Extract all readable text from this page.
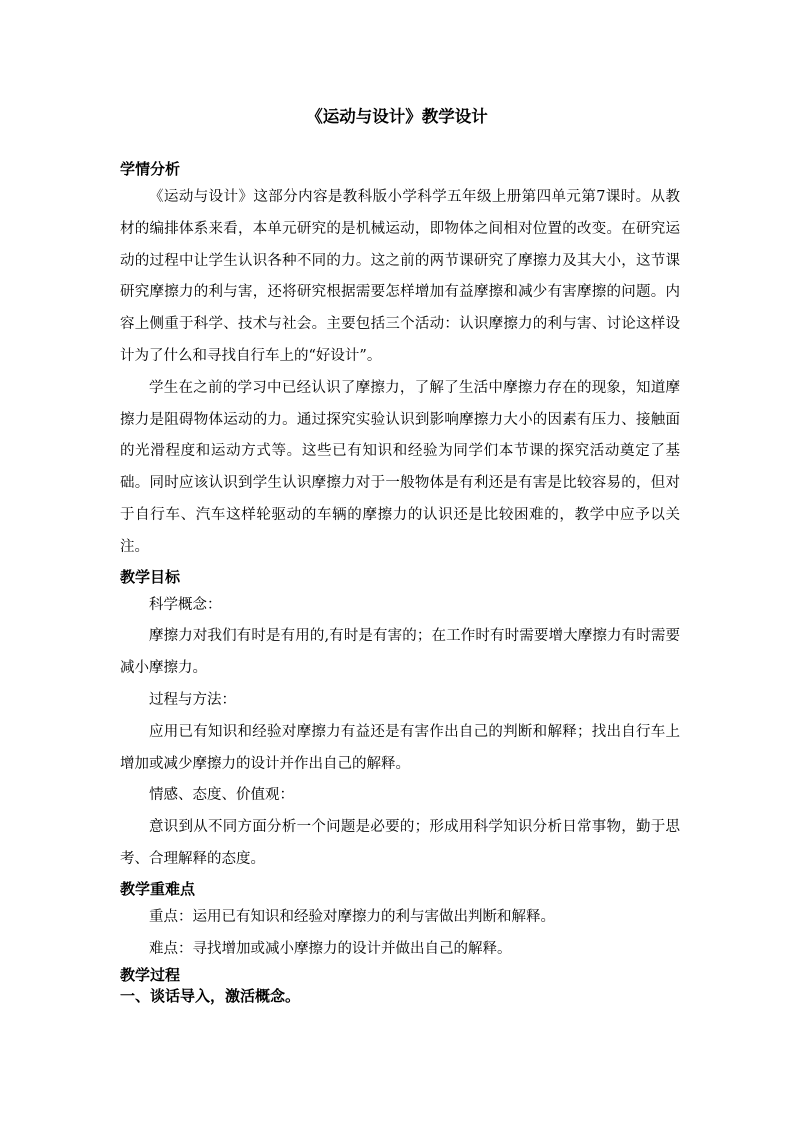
《运动与设计》教学设计

学情分析

《运动与设计》这部分内容是教科版小学科学五年级上册第四单元第7课时。从教材的编排体系来看，本单元研究的是机械运动，即物体之间相对位置的改变。在研究运动的过程中让学生认识各种不同的力。这之前的两节课研究了摩擦力及其大小，这节课研究摩擦力的利与害，还将研究根据需要怎样增加有益摩擦和减少有害摩擦的问题。内容上侧重于科学、技术与社会。主要包括三个活动：认识摩擦力的利与害、讨论这样设计为了什么和寻找自行车上的“好设计”。

学生在之前的学习中已经认识了摩擦力，了解了生活中摩擦力存在的现象，知道摩擦力是阻碍物体运动的力。通过探究实验认识到影响摩擦力大小的因素有压力、接触面的光滑程度和运动方式等。这些已有知识和经验为同学们本节课的探究活动奠定了基础。同时应该认识到学生认识摩擦力对于一般物体是有利还是有害是比较容易的，但对于自行车、汽车这样轮驱动的车辆的摩擦力的认识还是比较困难的，教学中应予以关注。

教学目标

科学概念：

摩擦力对我们有时是有用的,有时是有害的；在工作时有时需要增大摩擦力有时需要减小摩擦力。

过程与方法：

应用已有知识和经验对摩擦力有益还是有害作出自己的判断和解释；找出自行车上增加或减少摩擦力的设计并作出自己的解释。

情感、态度、价值观：

意识到从不同方面分析一个问题是必要的；形成用科学知识分析日常事物，勤于思考、合理解释的态度。

教学重难点

重点：运用已有知识和经验对摩擦力的利与害做出判断和解释。

难点：寻找增加或减小摩擦力的设计并做出自己的解释。

教学过程

一、谈话导入，激活概念。
